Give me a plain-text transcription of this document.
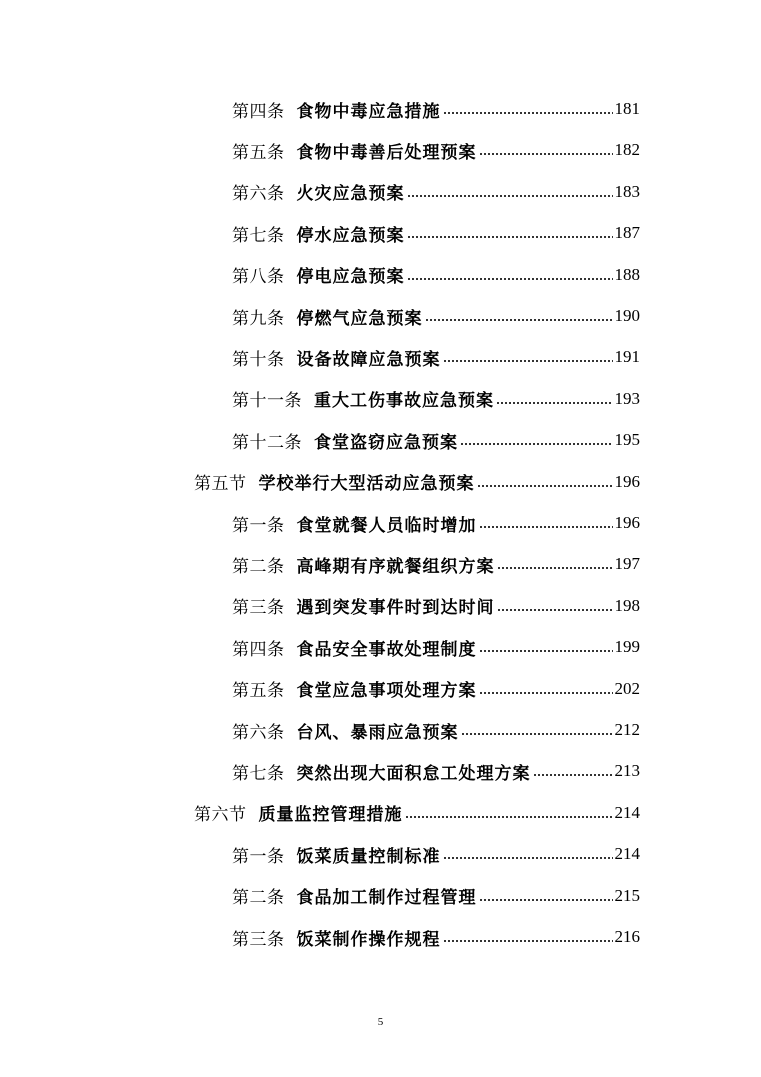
第四条 食物中毒应急措施	181
第五条 食物中毒善后处理预案	182
第六条 火灾应急预案	183
第七条 停水应急预案	187
第八条 停电应急预案	188
第九条 停燃气应急预案	190
第十条 设备故障应急预案	191
第十一条 重大工伤事故应急预案	193
第十二条 食堂盗窃应急预案	195
第五节 学校举行大型活动应急预案	196
第一条 食堂就餐人员临时增加	196
第二条 高峰期有序就餐组织方案	197
第三条 遇到突发事件时到达时间	198
第四条 食品安全事故处理制度	199
第五条 食堂应急事项处理方案	202
第六条 台风、暴雨应急预案	212
第七条 突然出现大面积怠工处理方案	213
第六节 质量监控管理措施	214
第一条 饭菜质量控制标准	214
第二条 食品加工制作过程管理	215
第三条 饭菜制作操作规程	216
5
